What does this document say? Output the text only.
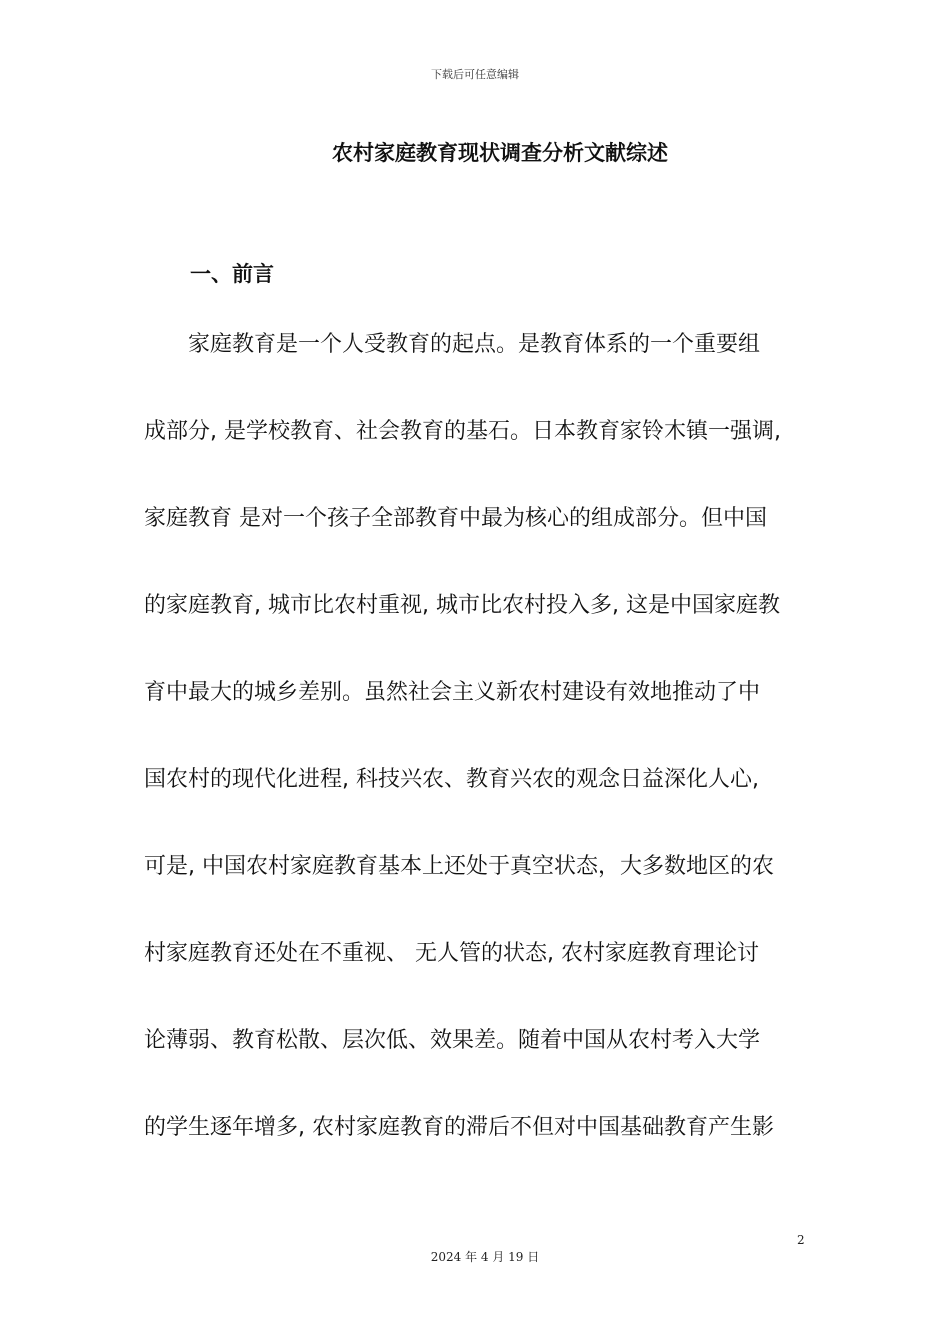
下载后可任意编辑
农村家庭教育现状调查分析文献综述
一、前言

　　家庭教育是一个人受教育的起点。是教育体系的一个重要组

成部分, 是学校教育、社会教育的基石。日本教育家铃木镇一强调,

家庭教育 是对一个孩子全部教育中最为核心的组成部分。但中国

的家庭教育, 城市比农村重视, 城市比农村投入多, 这是中国家庭教

育中最大的城乡差别。虽然社会主义新农村建设有效地推动了中

国农村的现代化进程, 科技兴农、教育兴农的观念日益深化人心,

可是, 中国农村家庭教育基本上还处于真空状态，大多数地区的农

村家庭教育还处在不重视、 无人管的状态, 农村家庭教育理论讨

论薄弱、教育松散、层次低、效果差。随着中国从农村考入大学

的学生逐年增多, 农村家庭教育的滞后不但对中国基础教育产生影

2
2024 年 4 月 19 日
